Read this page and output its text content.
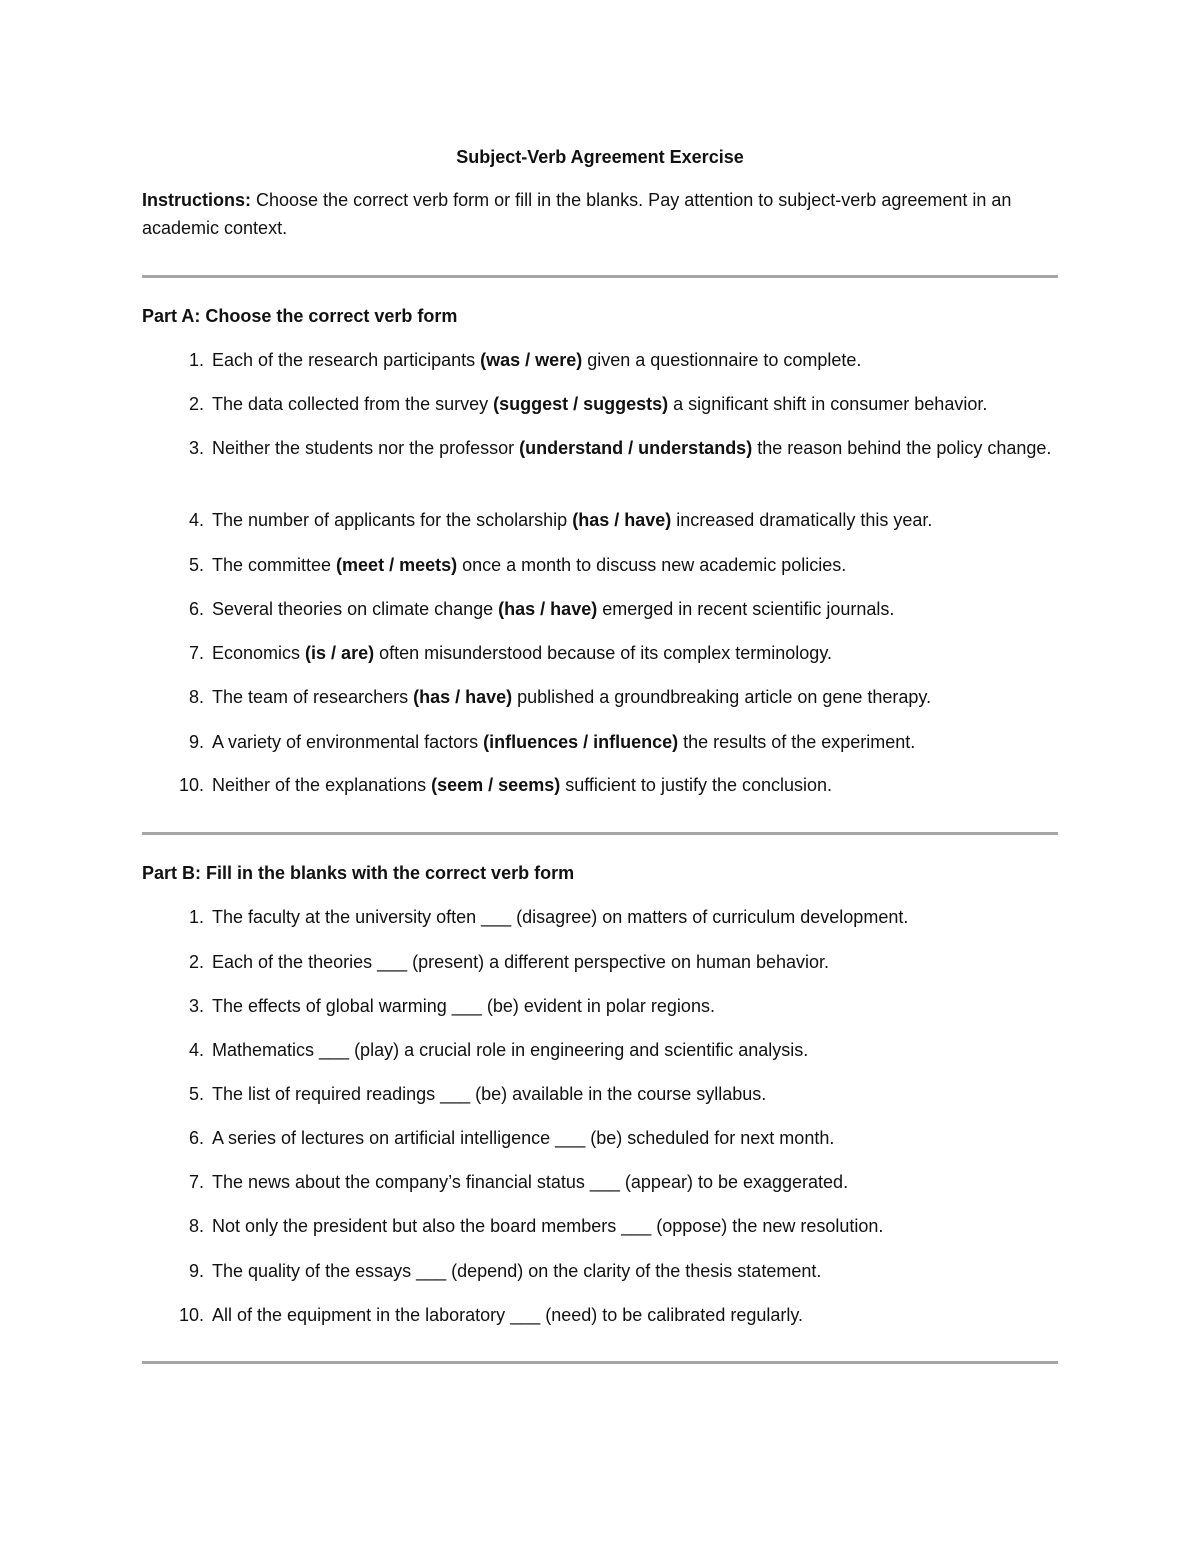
Subject-Verb Agreement Exercise
Instructions: Choose the correct verb form or fill in the blanks. Pay attention to subject-verb agreement in an academic context.
Part A: Choose the correct verb form
1. Each of the research participants (was / were) given a questionnaire to complete.
2. The data collected from the survey (suggest / suggests) a significant shift in consumer behavior.
3. Neither the students nor the professor (understand / understands) the reason behind the policy change.
4. The number of applicants for the scholarship (has / have) increased dramatically this year.
5. The committee (meet / meets) once a month to discuss new academic policies.
6. Several theories on climate change (has / have) emerged in recent scientific journals.
7. Economics (is / are) often misunderstood because of its complex terminology.
8. The team of researchers (has / have) published a groundbreaking article on gene therapy.
9. A variety of environmental factors (influences / influence) the results of the experiment.
10. Neither of the explanations (seem / seems) sufficient to justify the conclusion.
Part B: Fill in the blanks with the correct verb form
1. The faculty at the university often ___ (disagree) on matters of curriculum development.
2. Each of the theories ___ (present) a different perspective on human behavior.
3. The effects of global warming ___ (be) evident in polar regions.
4. Mathematics ___ (play) a crucial role in engineering and scientific analysis.
5. The list of required readings ___ (be) available in the course syllabus.
6. A series of lectures on artificial intelligence ___ (be) scheduled for next month.
7. The news about the company’s financial status ___ (appear) to be exaggerated.
8. Not only the president but also the board members ___ (oppose) the new resolution.
9. The quality of the essays ___ (depend) on the clarity of the thesis statement.
10. All of the equipment in the laboratory ___ (need) to be calibrated regularly.
